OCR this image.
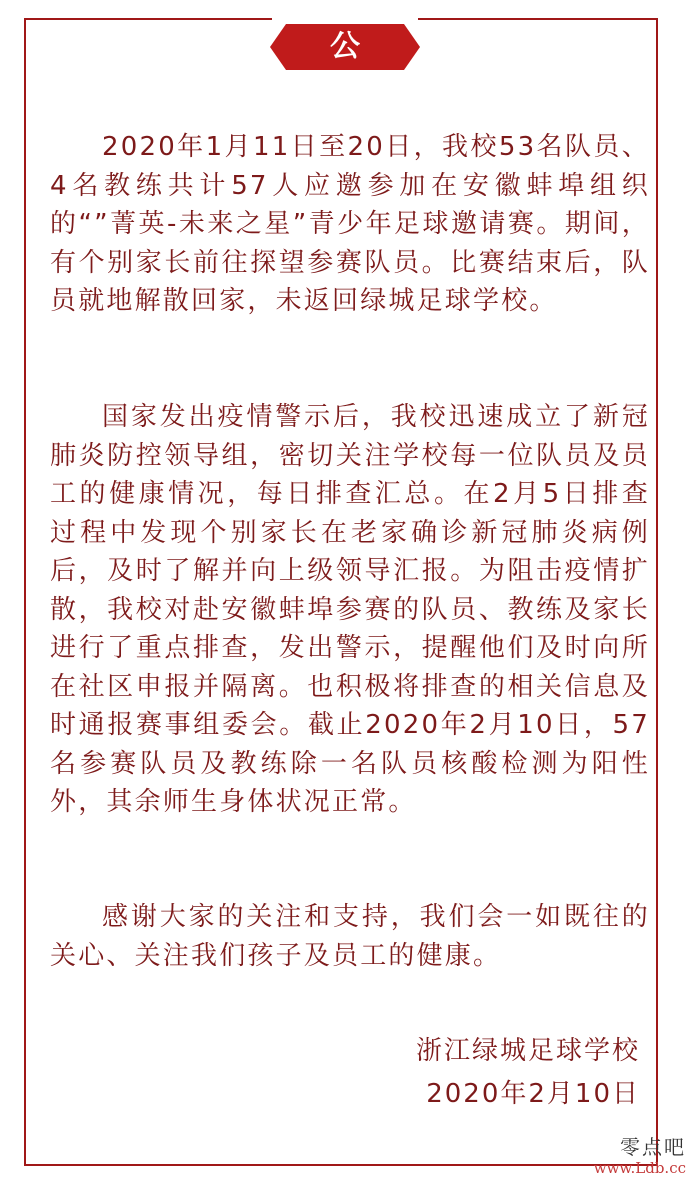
公 告

2020年1月11日至20日，我校53名队员、4名教练共计57人应邀参加在安徽蚌埠组织的“”菁英-未来之星”青少年足球邀请赛。期间，有个别家长前往探望参赛队员。比赛结束后，队员就地解散回家，未返回绿城足球学校。

国家发出疫情警示后，我校迅速成立了新冠肺炎防控领导组，密切关注学校每一位队员及员工的健康情况，每日排查汇总。在2月5日排查过程中发现个别家长在老家确诊新冠肺炎病例后，及时了解并向上级领导汇报。为阻击疫情扩散，我校对赴安徽蚌埠参赛的队员、教练及家长进行了重点排查，发出警示，提醒他们及时向所在社区申报并隔离。也积极将排查的相关信息及时通报赛事组委会。截止2020年2月10日，57名参赛队员及教练除一名队员核酸检测为阳性外，其余师生身体状况正常。

感谢大家的关注和支持，我们会一如既往的关心、关注我们孩子及员工的健康。

浙江绿城足球学校
2020年2月10日
零点吧
www.Ldb.cc
